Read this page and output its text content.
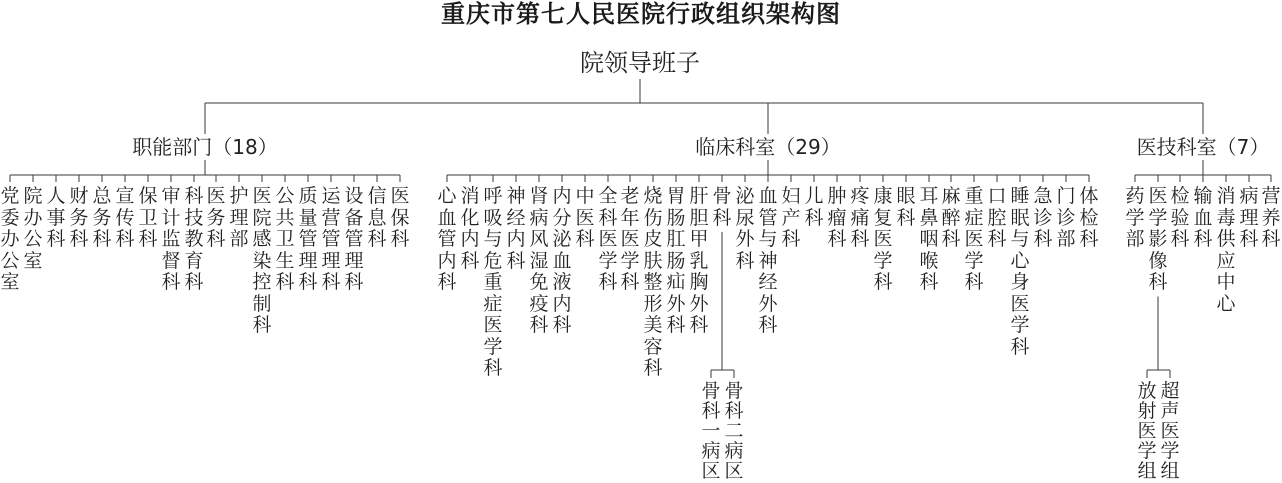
重庆市第七人民医院行政组织架构图
院领导班子
职能部门（18）
党委办公室
院办公室
人事科
财务科
总务科
宣传科
保卫科
审计监督科
科技教育科
医务科
护理部
医院感染控制科
公共卫生科
质量管理科
运营管理科
设备管理科
信息科
医保科
临床科室（29）
心血管内科
消化内科
呼吸与危重症医学科
神经内科
肾病风湿免疫科
内分泌血液内科
中医科
全科医学科
老年医学科
烧伤皮肤整形美容科
胃肠肛肠疝外科
肝胆甲乳胸外科
骨科
骨科一病区
骨科二病区
泌尿外科
血管与神经外科
妇产科
儿科
肿瘤科
疼痛科
康复医学科
眼科
耳鼻咽喉科
麻醉科
重症医学科
口腔科
睡眠与心身医学科
急诊科
门诊部
体检科
医技科室（7）
药学部
医学影像科
放射医学组
超声医学组
检验科
输血科
消毒供应中心
病理科
营养科
